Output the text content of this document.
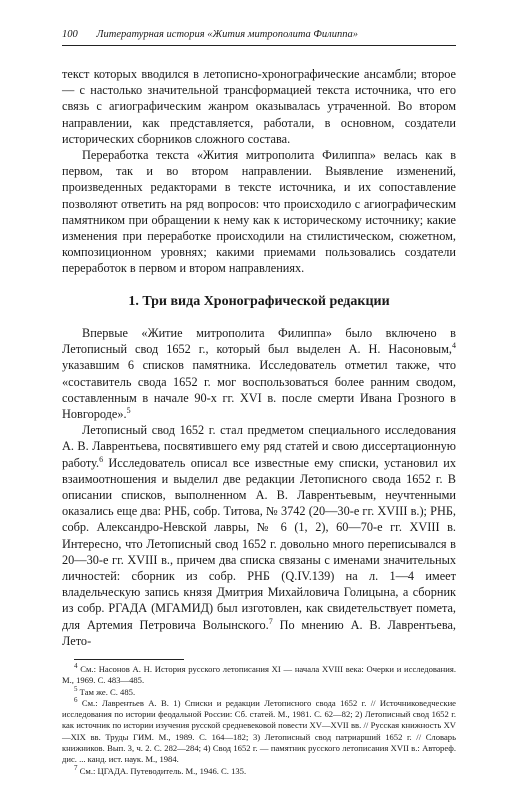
100 Литературная история «Жития митрополита Филиппа»

текст которых вводился в летописно-хронографические ансамбли; второе — с настолько значительной трансформацией текста источника, что его связь с агиографическим жанром оказывалась утраченной. Во втором направлении, как представляется, работали, в основном, создатели исторических сборников сложного состава.

Переработка текста «Жития митрополита Филиппа» велась как в первом, так и во втором направлении. Выявление изменений, произведенных редакторами в тексте источника, и их сопоставление позволяют ответить на ряд вопросов: что происходило с агиографическим памятником при обращении к нему как к историческому источнику; какие изменения при переработке происходили на стилистическом, сюжетном, композиционном уровнях; какими приемами пользовались создатели переработок в первом и втором направлениях.

1. Три вида Хронографической редакции

Впервые «Житие митрополита Филиппа» было включено в Летописный свод 1652 г., который был выделен А. Н. Насоновым,$^4$ указавшим 6 списков памятника. Исследователь отметил также, что «составитель свода 1652 г. мог воспользоваться более ранним сводом, составленным в начале 90-х гг. XVI в. после смерти Ивана Грозного в Новгороде».$^5$

Летописный свод 1652 г. стал предметом специального исследования А. В. Лаврентьева, посвятившего ему ряд статей и свою диссертационную работу.$^6$ Исследователь описал все известные ему списки, установил их взаимоотношения и выделил две редакции Летописного свода 1652 г. В описании списков, выполненном А. В. Лаврентьевым, неучтенными оказались еще два: РНБ, собр. Титова, № 3742 (20—30-е гг. XVIII в.); РНБ, собр. Александро-Невской лавры, № 6 (1, 2), 60—70-е гг. XVIII в. Интересно, что Летописный свод 1652 г. довольно много переписывался в 20—30-е гг. XVIII в., причем два списка связаны с именами значительных личностей: сборник из собр. РНБ (Q.IV.139) на л. 1—4 имеет владельческую запись князя Дмитрия Михайловича Голицына, а сборник из собр. РГАДА (МГАМИД) был изготовлен, как свидетельствует помета, для Артемия Петровича Волынского.$^7$ По мнению А. В. Лаврентьева, Лето-

$^4$ См.: Насонов А. Н. История русского летописания XI — начала XVIII века: Очерки и исследования. М., 1969. С. 483—485.

$^5$ Там же. С. 485.

$^6$ См.: Лаврентьев А. В. 1) Списки и редакции Летописного свода 1652 г. // Источниковедческие исследования по истории феодальной России: Сб. статей. М., 1981. С. 62—82; 2) Летописный свод 1652 г. как источник по истории изучения русской средневековой повести XV—XVII вв. // Русская книжность XV—XIX вв. Труды ГИМ. М., 1989. С. 164—182; 3) Летописный свод патриарший 1652 г. // Словарь книжников. Вып. 3, ч. 2. С. 282—284; 4) Свод 1652 г. — памятник русского летописания XVII в.: Автореф. дис. ... канд. ист. наук. М., 1984.

$^7$ См.: ЦГАДА. Путеводитель. М., 1946. С. 135.
